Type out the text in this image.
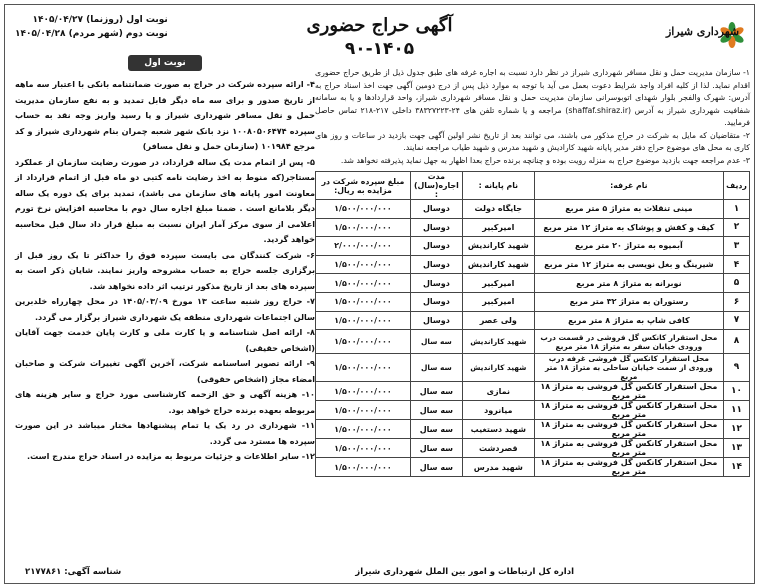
شهرداری شیراز
آگهی حراج حضوری
۹۰-۱۴۰۵
نوبت اول (روزنما) ۱۴۰۵/۰۴/۲۷
نوبت دوم (شهر مردم) ۱۴۰۵/۰۴/۲۸

۱- سازمان مدیریت حمل و نقل مسافر شهرداری شیراز در نظر دارد نسبت به اجاره غرفه های طبق جدول ذیل از طریق حراج حضوری اقدام نماید. لذا از کلیه افراد واجد شرایط دعوت بعمل می آید با توجه به موارد ذیل پس از درج دومین آگهی جهت اخذ اسناد حراج به آدرس: شهرک والفجر بلوار شهدای اتوبوسرانی سازمان مدیریت حمل و نقل مسافر شهرداری شیراز، واحد قراردادها و یا به سامانه شفافیت شهرداری شیراز به آدرس (shaffaf.shiraz.ir) مراجعه و یا شماره تلفن های ۲۴-۳۸۳۲۷۲۲۳ داخلی ۲۱۷-۲۱۸ تماس حاصل فرمایید.

۲- متقاضیان که مایل به شرکت در حراج مذکور می باشند، می توانند بعد از تاریخ نشر اولین آگهی جهت بازدید در ساعات و روز های کاری به محل های موضوع حراج دفتر مدیر پایانه شهید کارادیش و شهید مدرس و شهید طیاب مراجعه نمایند.

۳- عدم مراجعه جهت بازدید موضوع حراج به منزله رویت بوده و چنانچه برنده حراج بعدا اظهار به جهل نماید پذیرفته نخواهد شد.

ردیف	نام غرفه:	نام پایانه :	مدت اجاره(سال) :	مبلغ سپرده شرکت در مزایده به ریال:
۱	مینی تنقلات به متراژ ۵ متر مربع	جایگاه دولت	دوسال	۱/۵۰۰/۰۰۰/۰۰۰
۲	کیف و کفش و پوشاک به متراژ ۱۲ متر مربع	امیرکبیر	دوسال	۱/۵۰۰/۰۰۰/۰۰۰
۳	آبمیوه به متراژ ۲۰ متر مربع	شهید کاراندیش	دوسال	۲/۰۰۰/۰۰۰/۰۰۰
۴	شیرینگ و بغل نویسی به متراژ ۱۲ متر مربع	شهید کاراندیش	دوسال	۱/۵۰۰/۰۰۰/۰۰۰
۵	نوبرانه به متراژ ۸ متر مربع	امیرکبیر	دوسال	۱/۵۰۰/۰۰۰/۰۰۰
۶	رستوران به متراژ ۳۲ متر مربع	امیرکبیر	دوسال	۱/۵۰۰/۰۰۰/۰۰۰
۷	کافی شاپ به متراژ ۸ متر مربع	ولی عصر	دوسال	۱/۵۰۰/۰۰۰/۰۰۰
۸	محل استقرار کانکس گل فروشی در قسمت درب ورودی خیابان سفر به متراژ ۱۸ متر مربع	شهید کاراندیش	سه سال	۱/۵۰۰/۰۰۰/۰۰۰
۹	محل استقرار کانکس گل فروشی غرفه درب ورودی از سمت خیابان ساحلی به متراژ ۱۸ متر مربع	شهید کاراندیش	سه سال	۱/۵۰۰/۰۰۰/۰۰۰
۱۰	محل استقرار کانکس گل فروشی به متراژ ۱۸ متر مربع	نمازی	سه سال	۱/۵۰۰/۰۰۰/۰۰۰
۱۱	محل استقرار کانکس گل فروشی به متراژ ۱۸ متر مربع	میانرود	سه سال	۱/۵۰۰/۰۰۰/۰۰۰
۱۲	محل استقرار کانکس گل فروشی به متراژ ۱۸ متر مربع	شهید دستغیب	سه سال	۱/۵۰۰/۰۰۰/۰۰۰
۱۳	محل استقرار کانکس گل فروشی به متراژ ۱۸ متر مربع	قصردشت	سه سال	۱/۵۰۰/۰۰۰/۰۰۰
۱۴	محل استقرار کانکس گل فروشی به متراژ ۱۸ متر مربع	شهید مدرس	سه سال	۱/۵۰۰/۰۰۰/۰۰۰
نوبت اول

۴- ارائه سپرده شرکت در حراج به صورت ضمانتنامه بانکی با اعتبار سه ماهه از تاریخ صدور و برای سه ماه دیگر قابل تمدید و به نفع سازمان مدیریت حمل و نقل مسافر شهرداری شیراز و یا رسید واریز وجه نقد به حساب سپرده ۱۰۰۸۰۵۰۶۴۷۴ نزد بانک شهر شعبه چمران بنام شهرداری شیراز و کد مرجع ۱۰۱۹۸۴ (سازمان حمل و نقل مسافر)

۵- پس از اتمام مدت یک ساله قرارداد، در صورت رضایت سازمان از عملکرد مستاجر(که منوط به اخذ رضایت نامه کتبی دو ماه قبل از اتمام قرارداد از معاونت امور پایانه های سازمان می باشد)، تمدید برای یک دوره یک ساله دیگر بلامانع است . ضمنا مبلغ اجاره سال دوم با محاسبه افزایش نرخ تورم اعلامی از سوی مرکز آمار ایران نسبت به مبلغ قرار داد سال قبل محاسبه خواهد گردید.

۶- شرکت کنندگان می بایست سپرده فوق را حداکثر تا یک روز قبل از برگزاری جلسه حراج به حساب مشروحه واریز نمایند. شایان ذکر است به سپرده های بعد از تاریخ مذکور ترتیب اثر داده نخواهد شد.

۷- حراج روز شنبه ساعت ۱۳ مورخ ۱۴۰۵/۰۳/۰۹ در محل چهارراه خلدبرین سالن اجتماعات شهرداری منطقه یک شهرداری شیراز برگزار می گردد.

۸- ارائه اصل شناسنامه و یا کارت ملی و کارت پایان خدمت جهت آقایان (اشخاص حقیقی)

۹- ارائه تصویر اساسنامه شرکت، آخرین آگهی تغییرات شرکت و صاحبان امضاء مجاز (اشخاص حقوقی)

۱۰- هزینه آگهی و حق الزحمه کارشناسی مورد حراج و سایر هزینه های مربوطه بعهده برنده حراج خواهد بود.

۱۱- شهرداری در رد یک یا تمام پیشنهادها مختار میباشد در این صورت سپرده ها مسترد می گردد.

۱۲- سایر اطلاعات و جزئیات مربوط به مزایده در اسناد حراج مندرج است.

اداره کل ارتباطات و امور بین الملل شهرداری شیراز
شناسه آگهی: ۲۱۷۷۸۶۱
